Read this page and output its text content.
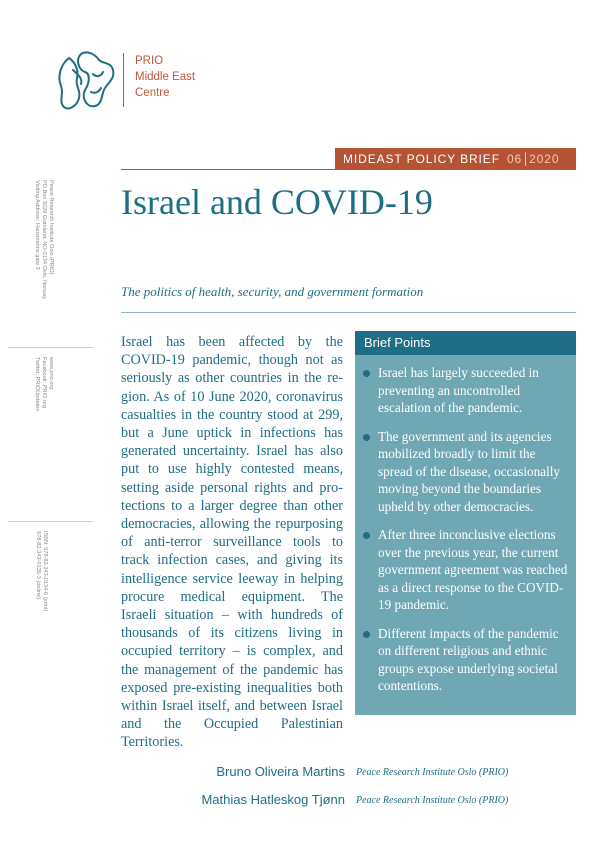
PRIO
Middle East
Centre
MIDEAST POLICY BRIEF 06 2020
Peace Research Institute Oslo (PRIO)
PO Box 9229 Grønland, NO-0134 Oslo, Norway
Visiting Address: Hausmanns gate 3
www.prio.org
Facebook: PRIO.org
Twitter: PRIOUpdates
ISBN: 978-82-343-0134-6 (print)
978-82-343-0135-3 (online)
Israel and COVID-19
The politics of health, security, and government formation
Israel has been affected by the COVID-19 pandemic, though not as seriously as other countries in the region. As of 10 June 2020, coronavirus casualties in the country stood at 299, but a June uptick in infections has generated uncertainty. Israel has also put to use highly contested means, setting aside personal rights and protections to a larger degree than other democracies, allowing the repurposing of anti-terror surveillance tools to track infection cases, and giving its intelligence service leeway in helping procure medical equipment. The Israeli situation – with hundreds of thousands of its citizens living in occupied territory – is complex, and the management of the pandemic has exposed pre-existing inequalities both within Israel itself, and between Israel and the Occupied Palestinian Territories.
Brief Points
Israel has largely succeeded in preventing an uncontrolled escalation of the pandemic.
The government and its agencies mobilized broadly to limit the spread of the disease, occasionally moving beyond the boundaries upheld by other democracies.
After three inconclusive elections over the previous year, the current government agreement was reached as a direct response to the COVID-19 pandemic.
Different impacts of the pandemic on different religious and ethnic groups expose underlying societal contentions.
Bruno Oliveira Martins Peace Research Institute Oslo (PRIO)
Mathias Hatleskog Tjønn Peace Research Institute Oslo (PRIO)
